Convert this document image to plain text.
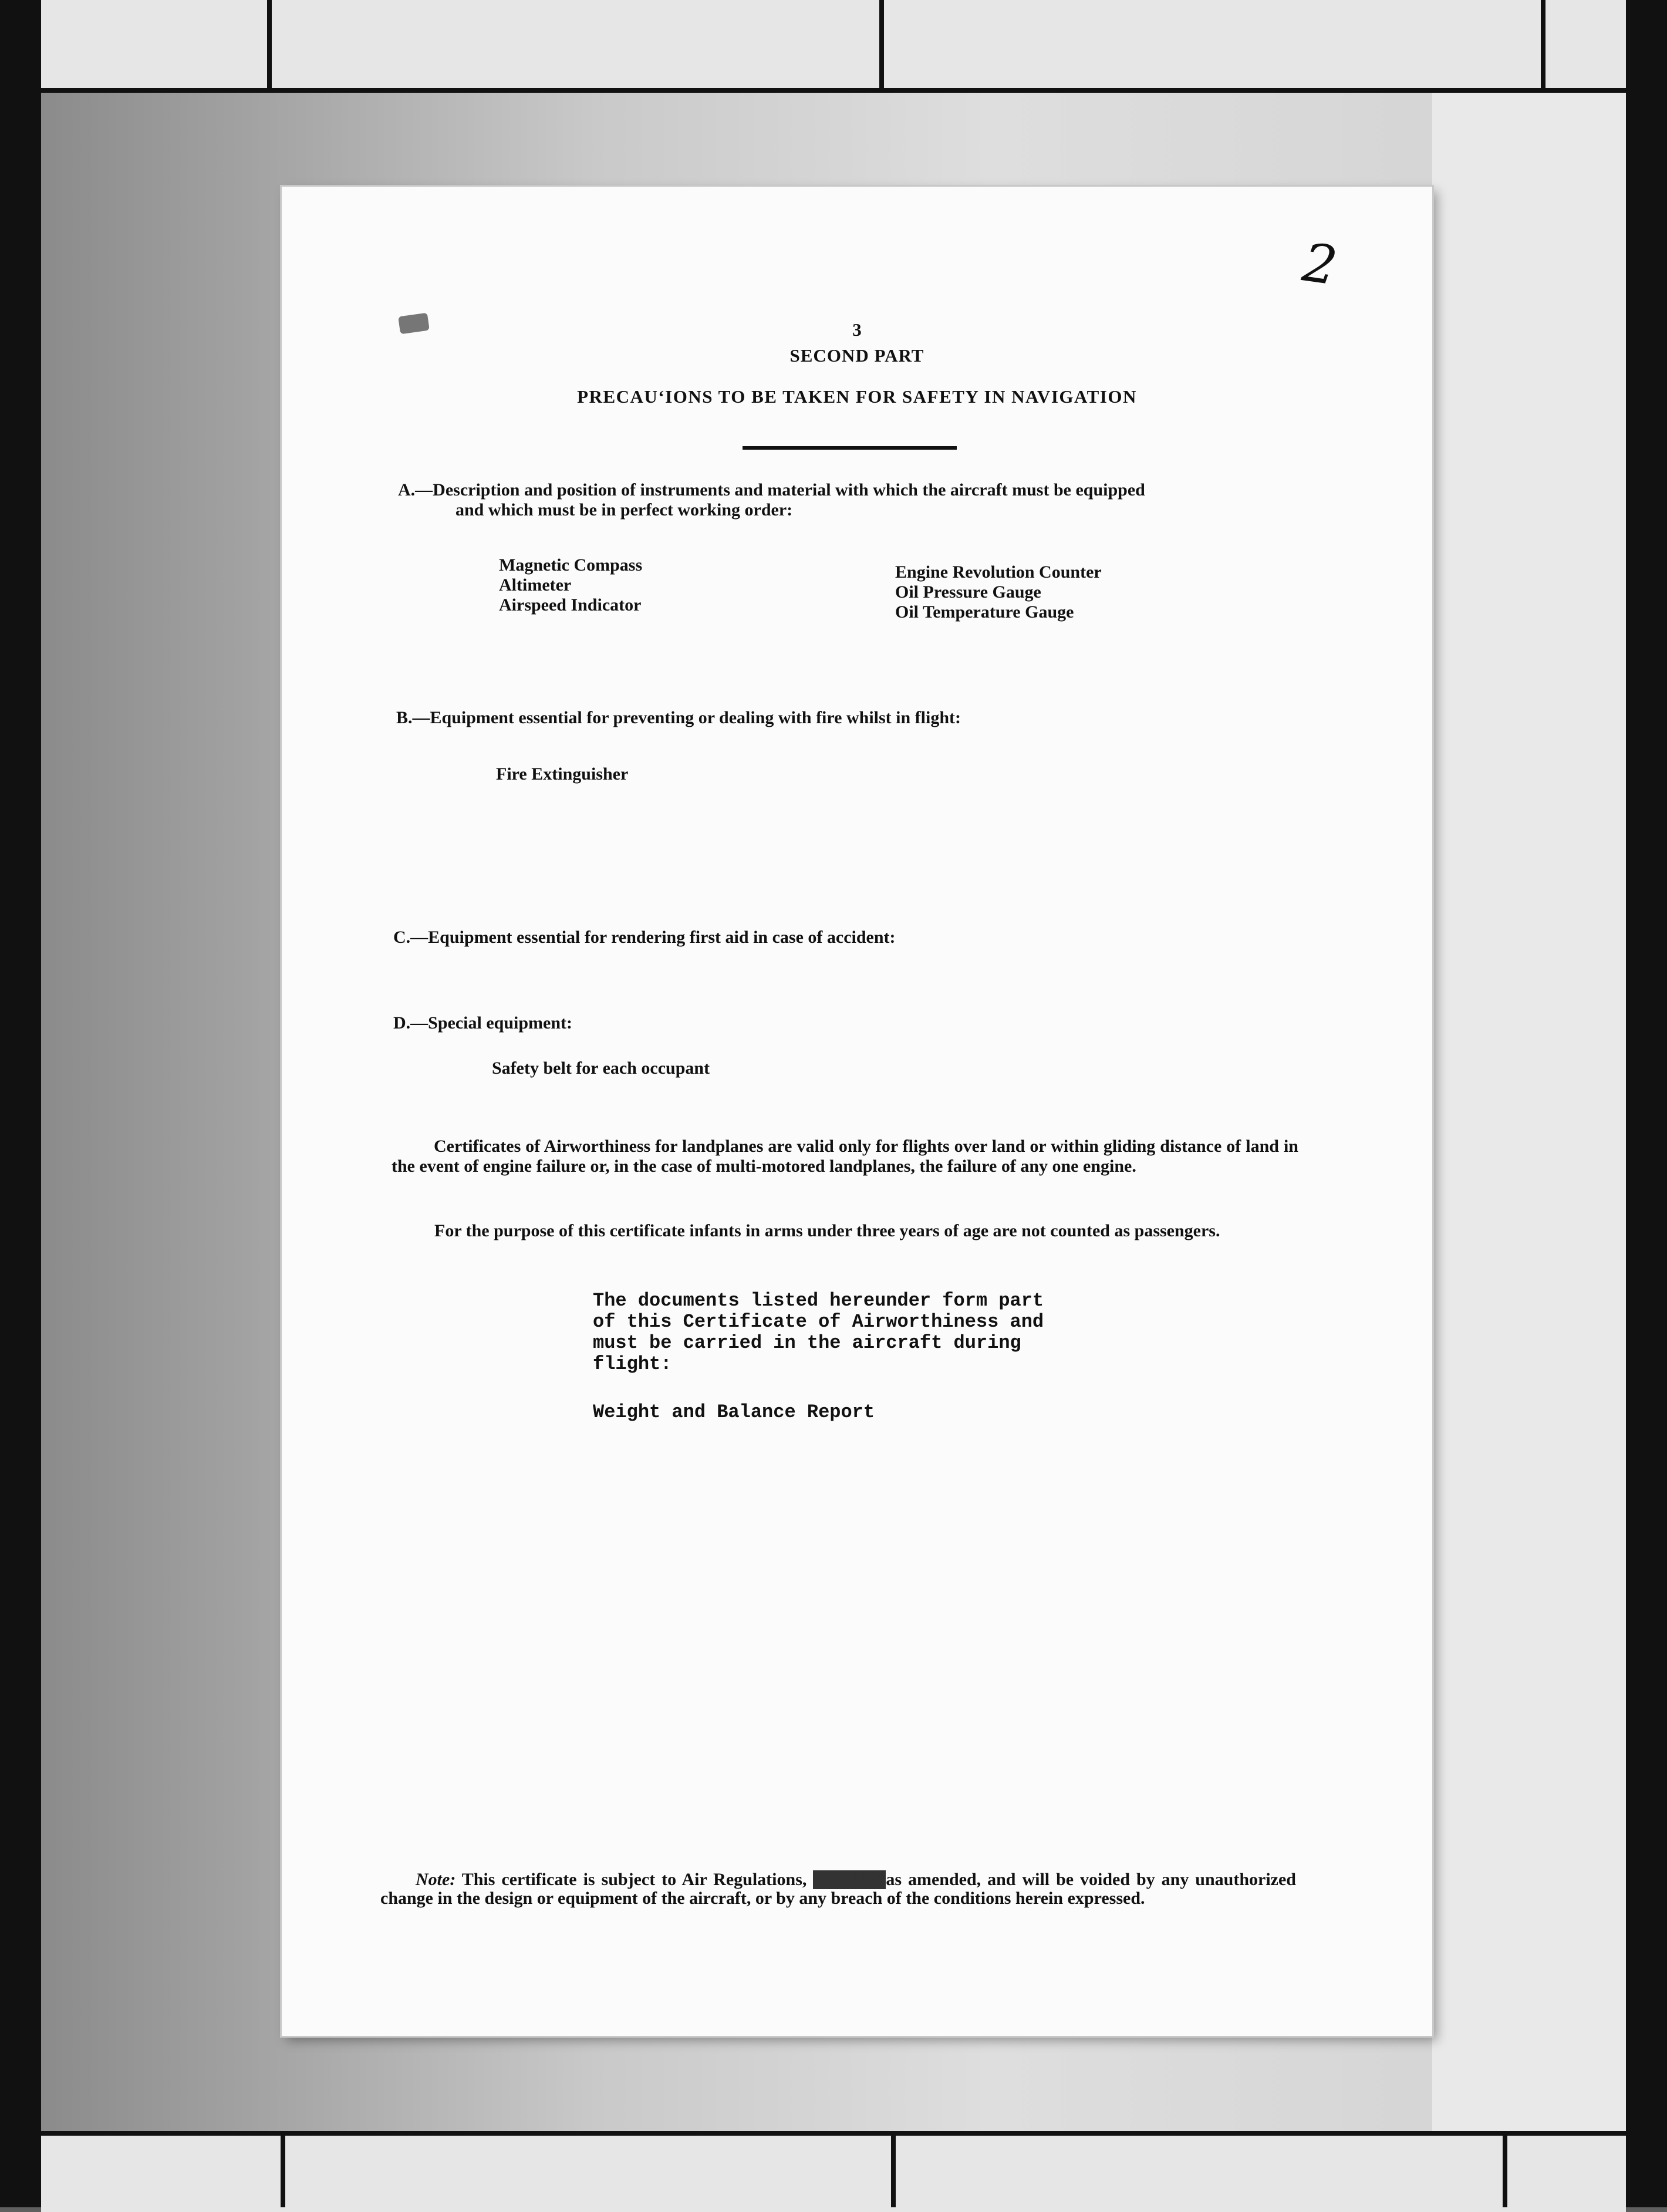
2
3
SECOND PART
PRECAU‘IONS TO BE TAKEN FOR SAFETY IN NAVIGATION
A.—Description and position of instruments and material with which the aircraft must be equipped
and which must be in perfect working order:
Magnetic Compass
Altimeter
Airspeed Indicator
Engine Revolution Counter
Oil Pressure Gauge
Oil Temperature Gauge
B.—Equipment essential for preventing or dealing with fire whilst in flight:
Fire Extinguisher
C.—Equipment essential for rendering first aid in case of accident:
D.—Special equipment:
Safety belt for each occupant
Certificates of Airworthiness for landplanes are valid only for flights over land or within gliding distance of land in the event of engine failure or, in the case of multi-motored landplanes, the failure of any one engine.
For the purpose of this certificate infants in arms under three years of age are not counted as passengers.
The documents listed hereunder form part
of this Certificate of Airworthiness and
must be carried in the aircraft during
flight:
Weight and Balance Report
Note: This certificate is subject to Air Regulations, 1938as amended, and will be voided by any unauthorized change in the design or equipment of the aircraft, or by any breach of the conditions herein expressed.
